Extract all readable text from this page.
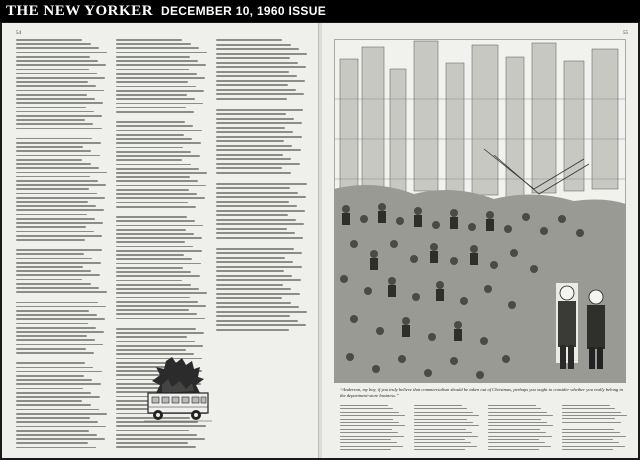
THE NEW YORKER DECEMBER 10, 1960 ISSUE
54	55
“Anderson, my boy, if you truly believe that commercialism should be taken out of Christmas, perhaps you ought to consider whether you really belong in the department-store business.”
